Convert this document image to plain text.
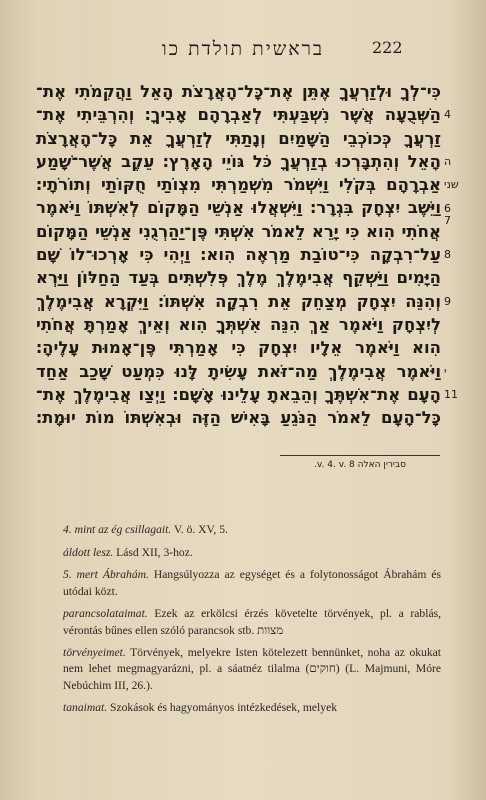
בראשית תולדת כו	222
כִּי־לְךָ וּלְזַרְעֲךָ אֶתֵּן אֶת־כָּל־הָאֲרָצֹת הָאֵל וַהֲקִמֹתִי אֶת־
הַשְּׁבֻעָה אֲשֶׁר נִשְׁבַּעְתִּי לְאַבְרָהָם אָבִיךָ׃ וְהִרְבֵּיתִי אֶת־
זַרְעֲךָ כְּכוֹכְבֵי הַשָּׁמַיִם וְנָתַתִּי לְזַרְעֲךָ אֵת כָּל־הָאֲרָצֹת
הָאֵל וְהִתְבָּרְכוּ בְזַרְעֲךָ כֹּל גּוֹיֵי הָאָרֶץ׃ עֵקֶב אֲשֶׁר־שָׁמַע
אַבְרָהָם בְּקֹלִי וַיִּשְׁמֹר מִשְׁמַרְתִּי מִצְוֺתַי חֻקּוֹתַי וְתוֹרֹתָי׃
וַיֵּשֶׁב יִצְחָק בִּגְרָר׃ וַיִּשְׁאֲלוּ אַנְשֵׁי הַמָּקוֹם לְאִשְׁתּוֹ וַיֹּאמֶר
אֲחֹתִי הִוא כִּי יָרֵא לֵאמֹר אִשְׁתִּי פֶּן־יַהַרְגֻנִי אַנְשֵׁי הַמָּקוֹם
עַל־רִבְקָה כִּי־טוֹבַת מַרְאֶה הִוא׃ וַיְהִי כִּי אָרְכוּ־לוֹ שָׁם
הַיָּמִים וַיַּשְׁקֵף אֲבִימֶלֶךְ מֶלֶךְ פְּלִשְׁתִּים בְּעַד הַחַלּוֹן וַיַּרְא
וְהִנֵּה יִצְחָק מְצַחֵק אֵת רִבְקָה אִשְׁתּוֹ׃ וַיִּקְרָא אֲבִימֶלֶךְ
לְיִצְחָק וַיֹּאמֶר אַךְ הִנֵּה אִשְׁתְּךָ הִוא וְאֵיךְ אָמַרְתָּ אֲחֹתִי
הִוא וַיֹּאמֶר אֵלָיו יִצְחָק כִּי אָמַרְתִּי פֶּן־אָמוּת עָלֶיהָ׃
וַיֹּאמֶר אֲבִימֶלֶךְ מַה־זֹּאת עָשִׂיתָ לָּנוּ כִּמְעַט שָׁכַב אַחַד
הָעָם אֶת־אִשְׁתֶּךָ וְהֵבֵאתָ עָלֵינוּ אָשָׁם׃ וַיְצַו אֲבִימֶלֶךְ אֶת־
כָּל־הָעָם לֵאמֹר הַנֹּגֵעַ בָּאִישׁ הַזֶּה וּבְאִשְׁתּוֹ מוֹת יוּמָת׃
4
ה
שני
6
7
8
9
י
11
סבירין האלה v. 4. v. 8.

4. mint az ég csillagait. V. ö. XV, 5.

áldott lesz. Lásd XII, 3-hoz.

5. mert Ábrahám. Hangsúlyozza az egységet és a folytonosságot Ábrahám és utódai közt.

parancsolataimat. Ezek az erkölcsi érzés követelte törvények, pl. a rablás, vérontás bűnes ellen szóló parancsok stb. מצוות

törvényeimet. Törvények, melyekre Isten kötelezett bennünket, noha az okukat nem lehet megmagyarázni, pl. a sáatnéz tilalma (חוקים) (L. Majmuni, Móre Nebúchim III, 26.).

tanaimat. Szokások és hagyományos intézkedések, melyek
